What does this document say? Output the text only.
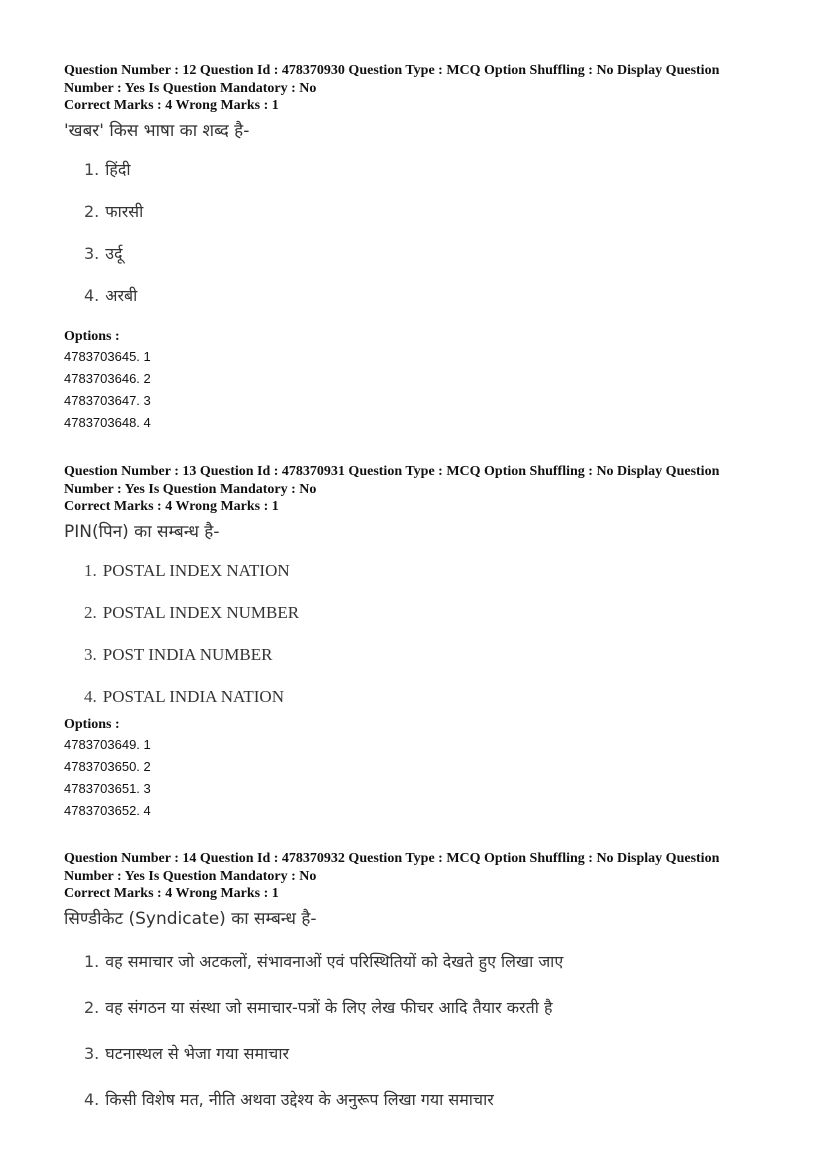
Question Number : 12 Question Id : 478370930 Question Type : MCQ Option Shuffling : No Display Question

Number : Yes Is Question Mandatory : No

Correct Marks : 4 Wrong Marks : 1

'खबर' किस भाषा का शब्द है-

1. हिंदी
2. फारसी
3. उर्दू
4. अरबी

Options :

4783703645. 1

4783703646. 2

4783703647. 3

4783703648. 4

Question Number : 13 Question Id : 478370931 Question Type : MCQ Option Shuffling : No Display Question

Number : Yes Is Question Mandatory : No

Correct Marks : 4 Wrong Marks : 1

PIN(पिन) का सम्बन्ध है-

1. POSTAL INDEX NATION
2. POSTAL INDEX NUMBER
3. POST INDIA NUMBER
4. POSTAL INDIA NATION

Options :

4783703649. 1

4783703650. 2

4783703651. 3

4783703652. 4

Question Number : 14 Question Id : 478370932 Question Type : MCQ Option Shuffling : No Display Question

Number : Yes Is Question Mandatory : No

Correct Marks : 4 Wrong Marks : 1

सिण्डीकेट (Syndicate) का सम्बन्ध है-

1. वह समाचार जो अटकलों, संभावनाओं एवं परिस्थितियों को देखते हुए लिखा जाए
2. वह संगठन या संस्था जो समाचार-पत्रों के लिए लेख फीचर आदि तैयार करती है
3. घटनास्थल से भेजा गया समाचार
4. किसी विशेष मत, नीति अथवा उद्देश्य के अनुरूप लिखा गया समाचार
